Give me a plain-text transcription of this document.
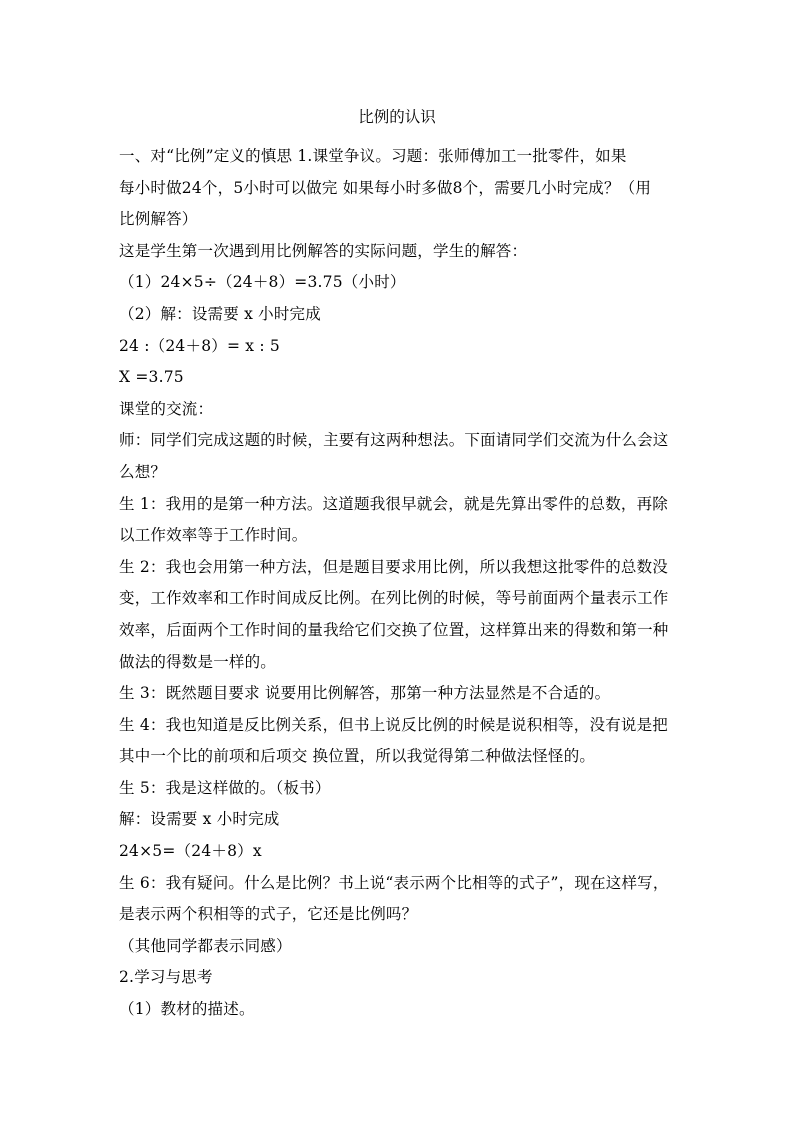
比例的认识
一、对“比例”定义的慎思 1.课堂争议。习题：张师傅加工一批零件，如果
每小时做24个，5小时可以做完 如果每小时多做8个，需要几小时完成？（用
比例解答）
这是学生第一次遇到用比例解答的实际问题，学生的解答：
（1）24×5÷（24＋8）=3.75（小时）
（2）解：设需要 x 小时完成
24 :（24＋8）= x : 5
X =3.75
课堂的交流：
师：同学们完成这题的时候，主要有这两种想法。下面请同学们交流为什么会这
么想？
生 1：我用的是第一种方法。这道题我很早就会，就是先算出零件的总数，再除
以工作效率等于工作时间。
生 2：我也会用第一种方法，但是题目要求用比例，所以我想这批零件的总数没
变，工作效率和工作时间成反比例。在列比例的时候，等号前面两个量表示工作
效率，后面两个工作时间的量我给它们交换了位置，这样算出来的得数和第一种
做法的得数是一样的。
生 3：既然题目要求 说要用比例解答，那第一种方法显然是不合适的。
生 4：我也知道是反比例关系，但书上说反比例的时候是说积相等，没有说是把
其中一个比的前项和后项交 换位置，所以我觉得第二种做法怪怪的。
生 5：我是这样做的。（板书）
解：设需要 x 小时完成
24×5=（24＋8）x
生 6：我有疑问。什么是比例？书上说“表示两个比相等的式子”，现在这样写，
是表示两个积相等的式子，它还是比例吗？
（其他同学都表示同感）
2.学习与思考
（1）教材的描述。
